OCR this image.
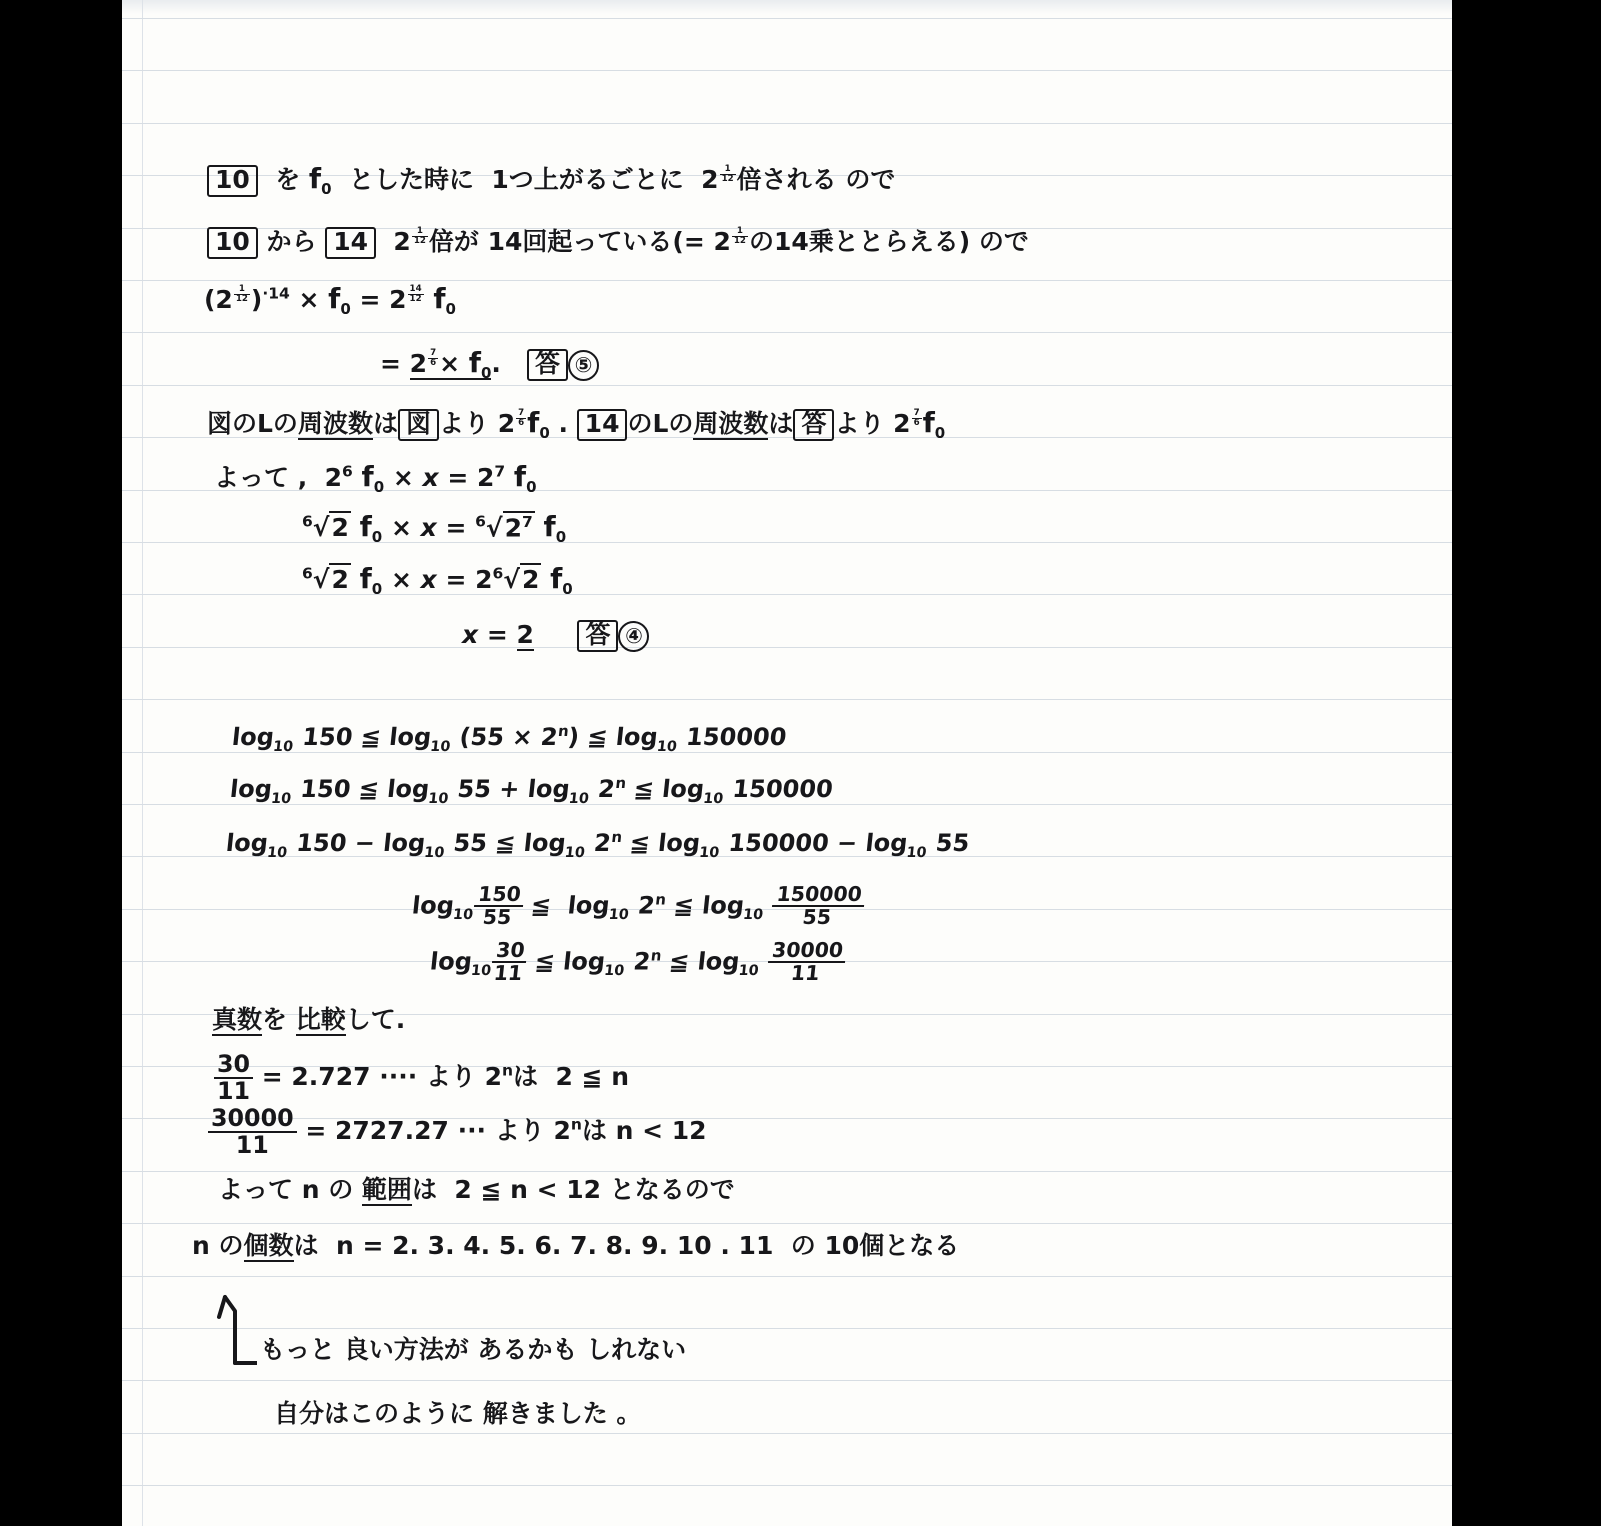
10  を $f_0$  とした時に  1つ上がるごとに  2 $^{\frac{1}{12}}$ 倍される ので
10 から 14  2 $^{\frac{1}{12}}$ 倍が 14回起っている(= 2 $^{\frac{1}{12}}$ の14乗ととらえる) ので
(2 $^{\frac{1}{12}}$ )$^{\cdot 14} \times f_0 = 2$ $^{\frac{14}{12}}$ $f_0$
= 2 $^{\frac{7}{6}} \times f_0$.   答 ⑤
図のLの周波数は 図 より 2 $^{\frac{7}{6}}$ $f_0$ . 14 のLの周波数は 答 より 2 $^{\frac{7}{6}}$ $f_0$
よって ,  $2^6$ $f_0 \times x = 2^7$ $f_0$
$^6$√2 $f_0 \times x = ^6√2^7$ $f_0$
$^6$√2 $f_0 \times x = 2^6√2$ $f_0$
x = 2 答 ④
$\log_{10} 150$ ≦ $\log_{10} (55 \times 2^n)$ ≦ $\log_{10} 150000$
$\log_{10} 150$ ≦ $\log_{10} 55 + \log_{10} 2^n$ ≦ $\log_{10} 150000$
$\log_{10} 150 - \log_{10} 55$ ≦ $\log_{10} 2^n$ ≦ $\log_{10} 150000 - \log_{10} 55$
$\log_{10}$
$\frac{150}{55}$
≦  $\log_{10} 2^n$ ≦ $\log_{10} \frac{150000}{55}$
$\log_{10}$
$\frac{30}{11}$
≦ $\log_{10} 2^n$ ≦ $\log_{10} \frac{30000}{11}$
真数を 比較して.
$\frac{30}{11} = 2.727$ ···· より 2$^n$は  2 ≦ n
$\frac{30000}{11} = 2727.27$ ··· より 2$^n$は n < 12
よって n の 範囲は  2 ≦ n < 12 となるので
n の個数は  n = 2. 3. 4. 5. 6. 7. 8. 9. 10 . 11  の 10個となる
もっと 良い方法が あるかも しれない
自分はこのように 解きました 。
